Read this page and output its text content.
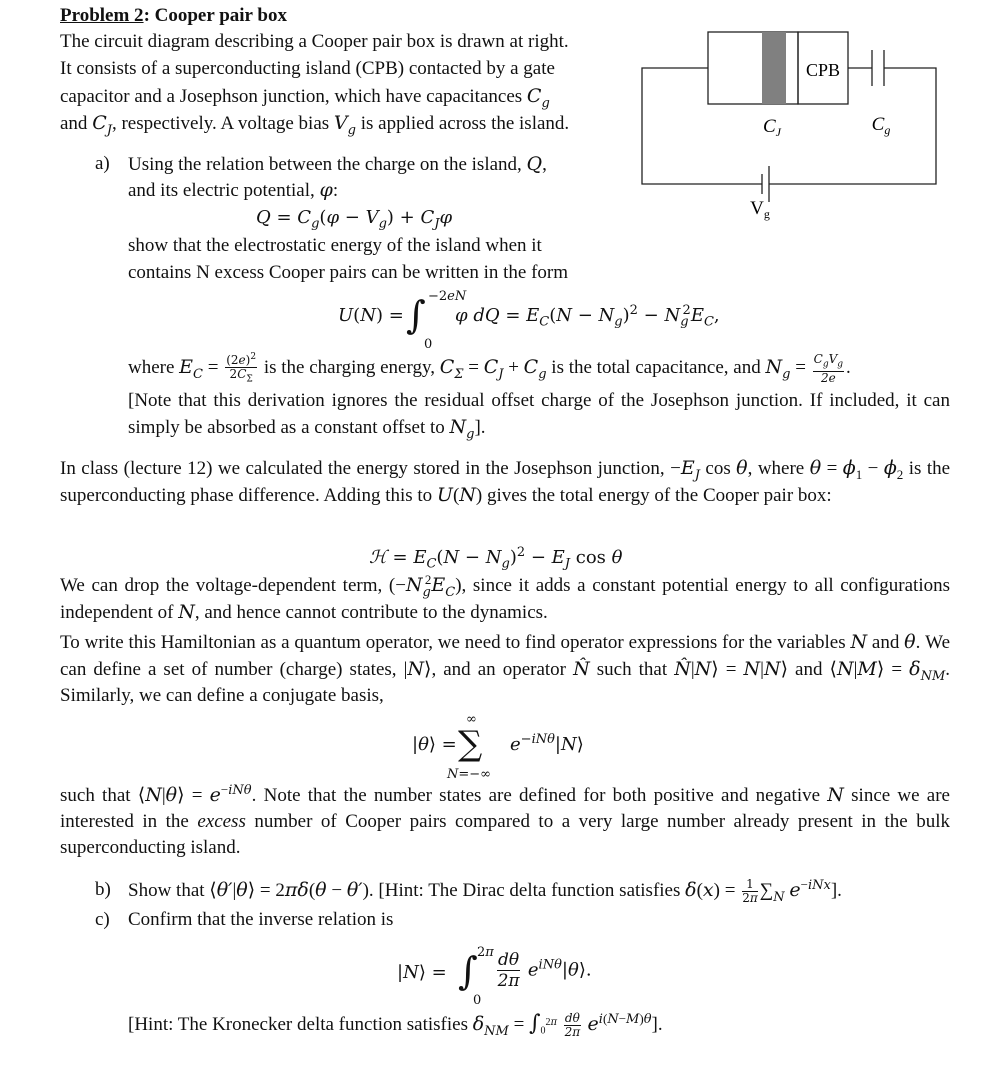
Problem 2: Cooper pair box
The circuit diagram describing a Cooper pair box is drawn at right.
It consists of a superconducting island (CPB) contacted by a gate
capacitor and a Josephson junction, which have capacitances $C_g$
and $C_J$, respectively. A voltage bias $V_g$ is applied across the island.
CPB
$C_J$	$C_g$
$V_g$
a) Using the relation between the charge on the island, Q,
and its electric potential, φ:
$Q = C_g(\varphi - V_g) + C_J\varphi$
show that the electrostatic energy of the island when it
contains N excess Cooper pairs can be written in the form
U(N) = ∫ −2eN
0
φ dQ = $E_C(N - N_g)^2 - N_g^2E_C$,
where $E_C = \frac{(2e)^2}{2C_\Sigma}$ is the charging energy, $C_\Sigma = C_J + C_g$ is the total capacitance, and $N_g = \frac{C_gV_g}{2e}$ .
[Note that this derivation ignores the residual offset charge of the Josephson junction. If included, it can simply be absorbed as a constant offset to $N_g$].
In class (lecture 12) we calculated the energy stored in the Josephson junction, $-E_J$ cos θ, where $\theta = \phi_1 - \phi_2$ is the superconducting phase difference. Adding this to U(N) gives the total energy of the Cooper pair box:
ℋ = $E_C(N - N_g)^2 - E_J$ cos θ
We can drop the voltage-dependent term, $(-N_g^2E_C)$, since it adds a constant potential energy to all configurations independent of N, and hence cannot contribute to the dynamics.
To write this Hamiltonian as a quantum operator, we need to find operator expressions for the variables N and θ. We can define a set of number (charge) states, |N⟩, and an operator N̂ such that N̂|N⟩ = N|N⟩ and ⟨N|M⟩ = $\delta_{NM}$. Similarly, we can define a conjugate basis,
|θ⟩ =
∞
∑
N=−∞
$e^{-iN\theta}|N⟩$
such that ⟨N|θ⟩ = $e^{-iN\theta}$. Note that the number states are defined for both positive and negative N since we are interested in the excess number of Cooper pairs compared to a very large number already present in the bulk superconducting island.
b) Show that ⟨θ′|θ⟩ = 2πδ(θ − θ′). [Hint: The Dirac delta function satisfies $\delta(x) = \frac{1}{2\pi} \sum_N$ $e^{-iNx}$].
c) Confirm that the inverse relation is
|N⟩ = ∫ 2π
0
$\frac{d\theta}{2\pi}$ $e^{iN\theta}|\theta⟩$.
[Hint: The Kronecker delta function satisfies $\delta_{NM} = \int_0^{2\pi} \frac{d\theta}{2\pi} e^{i(N-M)\theta}$].
